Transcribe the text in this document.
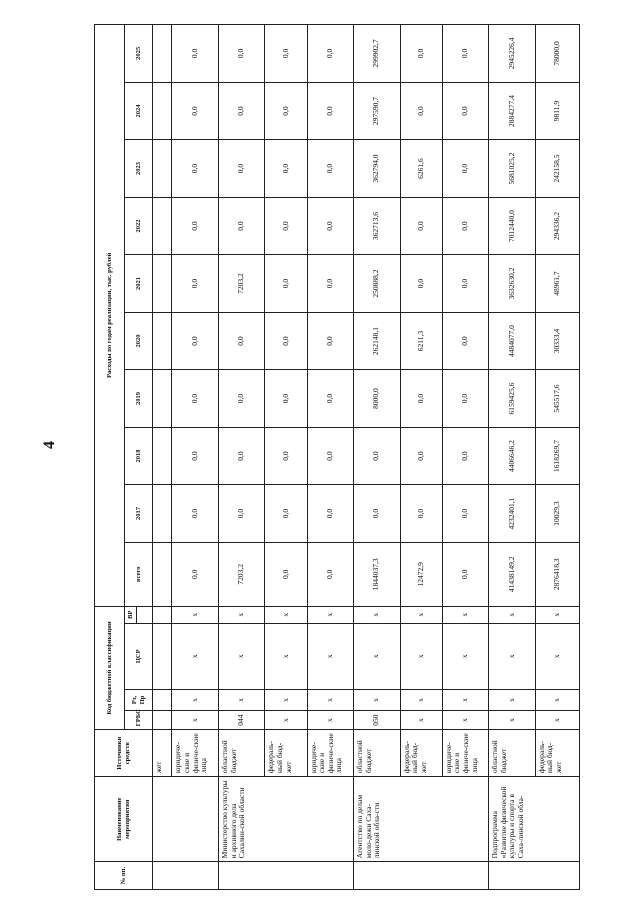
4
№ пп.	Наименование мероприятия	Источники средств	Код бюджетной классификации				Расходы по годам реализации, тыс. рублей									
			ГРБС	Рз, Пр	ЦСР	ВР	всего	2017	2018	2019	2020	2021	2022	2023	2024	2025

		жет														
		юридиче-ские и физиче-ские лица	x	x	x	x	0,0	0,0	0,0	0,0	0,0	0,0	0,0	0,0	0,0	0,0
	Министерство культуры и архивного дела Сахалин-ской области	областной бюджет	044	x	x	x	7203,2	0,0	0,0	0,0	0,0	7203,2	0,0	0,0	0,0	0,0
		федераль-ный бюд-жет	x	x	x	x	0,0	0,0	0,0	0,0	0,0	0,0	0,0	0,0	0,0	0,0
		юридиче-ские и физиче-ские лица	x	x	x	x	0,0	0,0	0,0	0,0	0,0	0,0	0,0	0,0	0,0	0,0
	Агентство по делам моло-дежи Саха-линской обла-сти	областной бюджет	050	x	x	x	1844037,3	0,0	0,0	8000,0	262148,1	250888,2	362713,6	362794,0	297590,7	299902,7
		федераль-ный бюд-жет	x	x	x	x	12472,9	0,0	0,0	0,0	6211,3	0,0	0,0	6261,6	0,0	0,0
		юридиче-ские и физиче-ские лица	x	x	x	x	0,0	0,0	0,0	0,0	0,0	0,0	0,0	0,0	0,0	0,0
	Подпрограмма «Развитие физической культуры и спорта в Саха-линской обла-	областной бюджет	x	x	x	x	41438149,2	4232401,1	4406646,2	6159425,6	4484077,0	3632630,2	7012440,0	5681025,2	2884277,4	2945226,4
		федераль-ный бюд-жет	x	x	x	x	2876418,3	10029,3	1618269,7	545517,6	30333,4	48961,7	294336,2	242158,5	9811,9	78000,0
